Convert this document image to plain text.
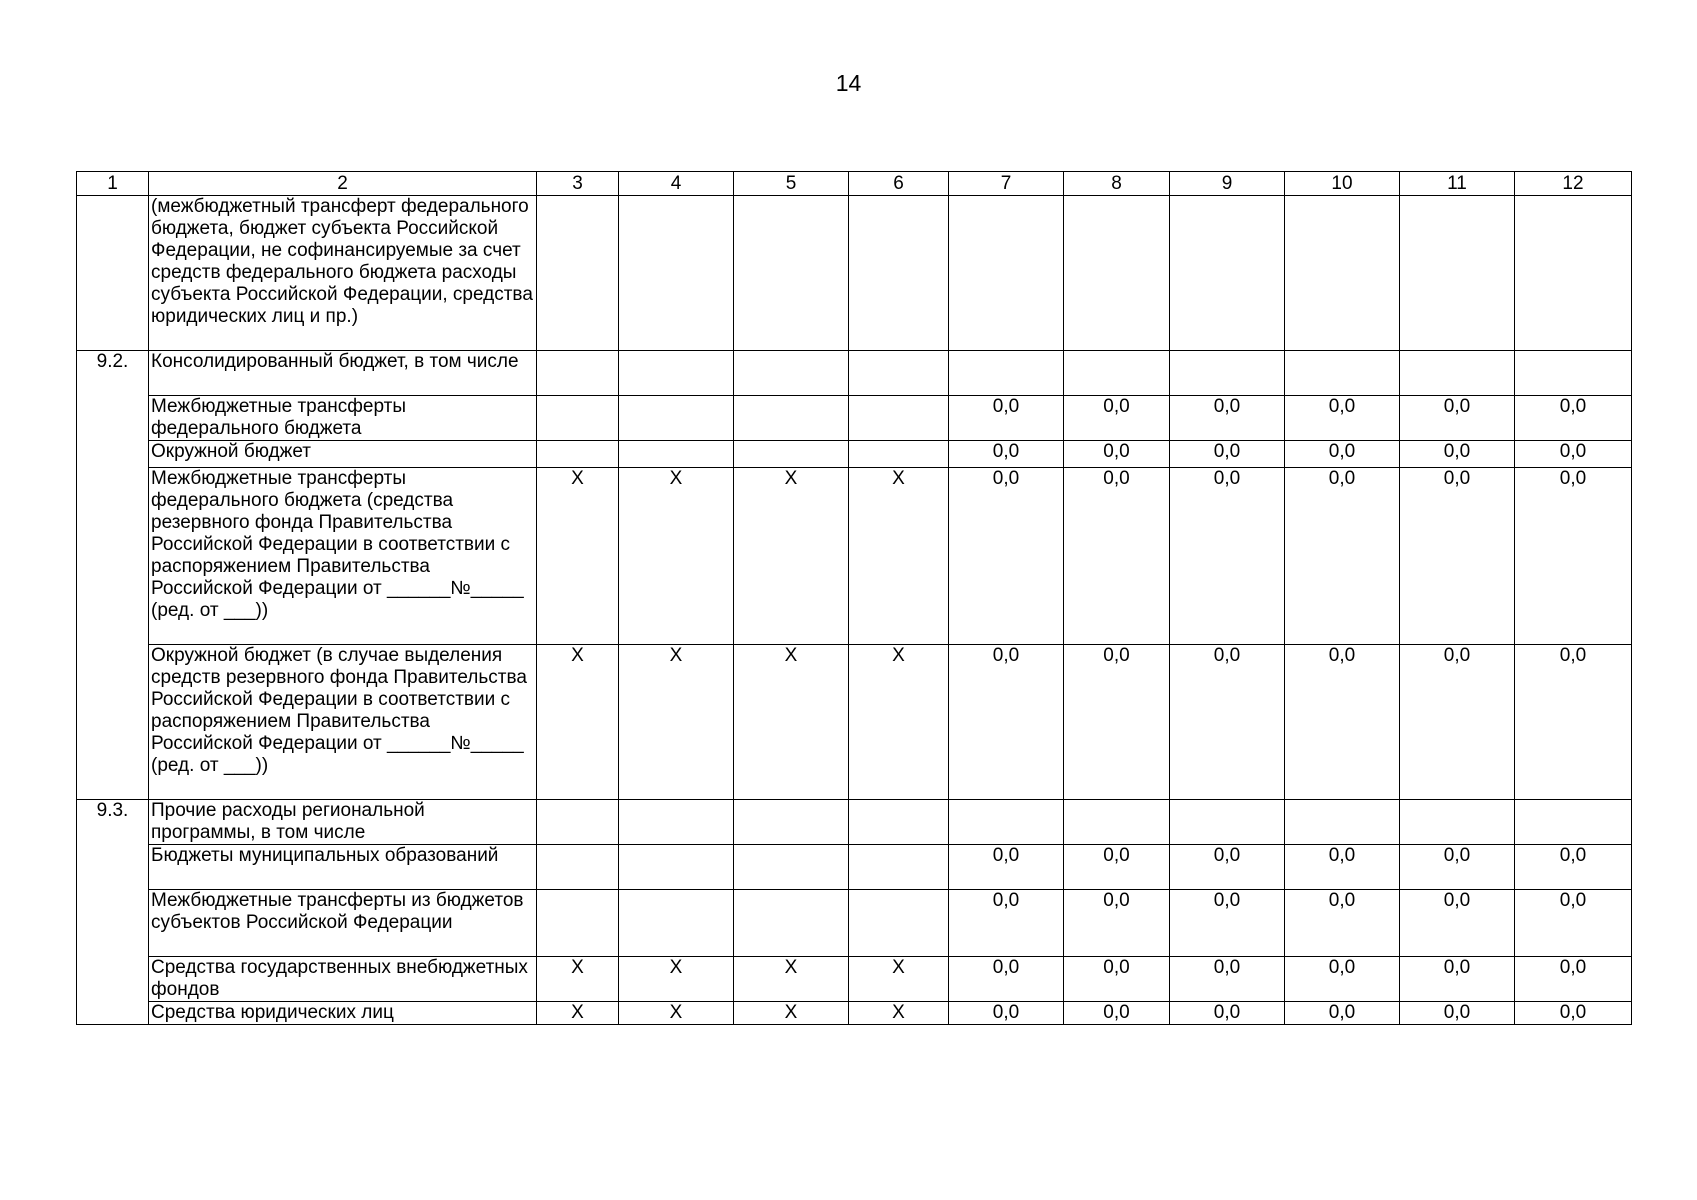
14
1	2	3	4	5	6	7	8	9	10	11	12
	(межбюджетный трансферт федерального бюджета, бюджет субъекта Российской Федерации, не софинансируемые за счет средств федерального бюджета расходы субъекта Российской Федерации, средства юридических лиц и пр.)										
9.2.	Консолидированный бюджет, в том числе										
	Межбюджетные трансферты федерального бюджета					0,0	0,0	0,0	0,0	0,0	0,0
	Окружной бюджет					0,0	0,0	0,0	0,0	0,0	0,0
	Межбюджетные трансферты федерального бюджета (средства резервного фонда Правительства Российской Федерации в соответствии с распоряжением Правительства Российской Федерации от ______№_____ (ред. от ___))	X	X	X	X	0,0	0,0	0,0	0,0	0,0	0,0
	Окружной бюджет (в случае выделения средств резервного фонда Правительства Российской Федерации в соответствии с распоряжением Правительства Российской Федерации от ______№_____ (ред. от ___))	X	X	X	X	0,0	0,0	0,0	0,0	0,0	0,0
9.3.	Прочие расходы региональной программы, в том числе										
	Бюджеты муниципальных образований					0,0	0,0	0,0	0,0	0,0	0,0
	Межбюджетные трансферты из бюджетов субъектов Российской Федерации					0,0	0,0	0,0	0,0	0,0	0,0
	Средства государственных внебюджетных фондов	X	X	X	X	0,0	0,0	0,0	0,0	0,0	0,0
	Средства юридических лиц	X	X	X	X	0,0	0,0	0,0	0,0	0,0	0,0
